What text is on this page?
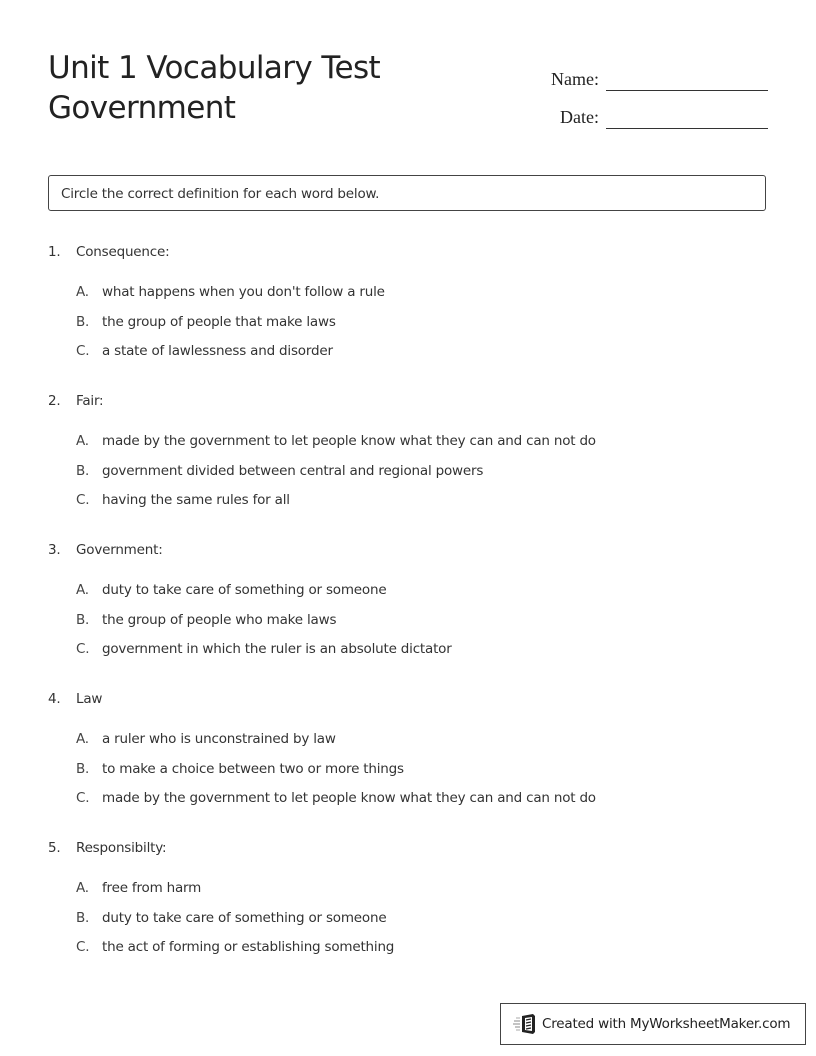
Unit 1 Vocabulary Test
Government
Name:
Date:
Circle the correct definition for each word below.
1.	Consequence:
A. what happens when you don't follow a rule
B. the group of people that make laws
C. a state of lawlessness and disorder
2.	Fair:
A. made by the government to let people know what they can and can not do
B. government divided between central and regional powers
C. having the same rules for all
3.	Government:
A. duty to take care of something or someone
B. the group of people who make laws
C. government in which the ruler is an absolute dictator
4.	Law
A. a ruler who is unconstrained by law
B. to make a choice between two or more things
C. made by the government to let people know what they can and can not do
5.	Responsibilty:
A. free from harm
B. duty to take care of something or someone
C. the act of forming or establishing something
Created with MyWorksheetMaker.com
